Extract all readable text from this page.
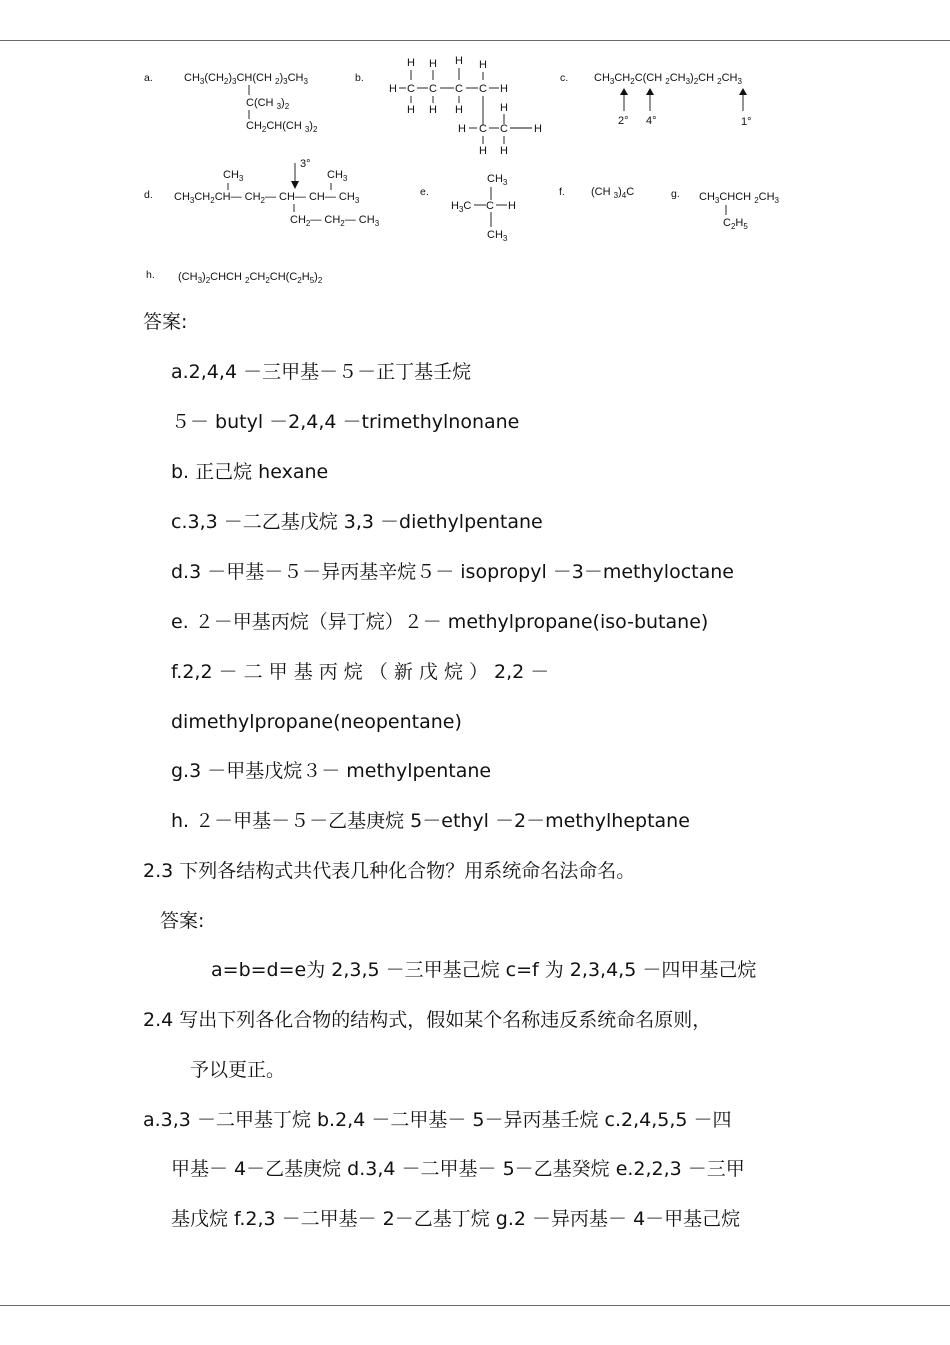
a.	$CH_3(CH_2)_3CH(CH$ $_2)_3CH_3$
C(CH $_3)_2$
$CH_2CH(CH$ $_3)_2$
b.
H H H H
H C C C C H
H H H	H
H C C H
H H
c. $CH_3CH_2C(CH$ $_2CH_3)_2CH$ $_2CH_3$
2° 4°	1°
d.
$CH_3$
3°
$CH_3$
$CH_3CH_2CH—$ $CH_2—$ CH— CH— $CH_3$
$CH_2—$ $CH_2—$ $CH_3$
e.
$CH_3$
$H_3C$ C H
$CH_3$
f. (CH $_3)_4C$	g. $CH_3CHCH$ $_2CH_3$
$C_2H_5$
h. $(CH_3)_2CHCH$ $_2CH_2CH(C_2H_5)_2$
答案:
a.2,4,4 －三甲基－５－正丁基壬烷
５－ butyl －2,4,4 －trimethylnonane
b. 正己烷 hexane
c.3,3 －二乙基戊烷 3,3 －diethylpentane
d.3 －甲基－５－异丙基辛烷５－ isopropyl －3－methyloctane
e. ２－甲基丙烷（异丁烷）２－ methylpropane(iso-butane)
f.2,2 － 二 甲 基 丙 烷 （ 新 戊 烷 ） 2,2 －
dimethylpropane(neopentane)
g.3 －甲基戊烷３－ methylpentane
h. ２－甲基－５－乙基庚烷 5－ethyl －2－methylheptane
2.3 下列各结构式共代表几种化合物？用系统命名法命名。
答案:
a=b=d=e为 2,3,5 －三甲基己烷 c=f 为 2,3,4,5 －四甲基己烷
2.4 写出下列各化合物的结构式，假如某个名称违反系统命名原则，
予以更正。
a.3,3 －二甲基丁烷 b.2,4 －二甲基－ 5－异丙基壬烷 c.2,4,5,5 －四
甲基－ 4－乙基庚烷 d.3,4 －二甲基－ 5－乙基癸烷 e.2,2,3 －三甲
基戊烷 f.2,3 －二甲基－ 2－乙基丁烷 g.2 －异丙基－ 4－甲基己烷
